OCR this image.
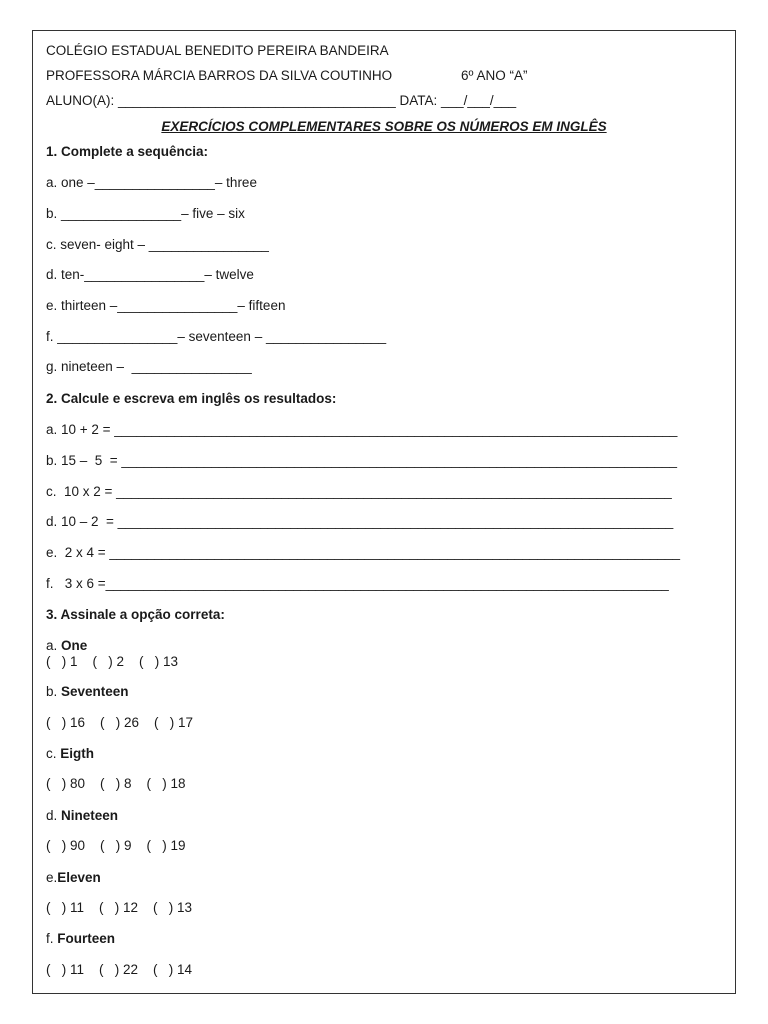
COLÉGIO ESTADUAL BENEDITO PEREIRA BANDEIRA
PROFESSORA MÁRCIA BARROS DA SILVA COUTINHO	6º ANO “A”
ALUNO(A): _____________________________________ DATA: ___/___/___
EXERCÍCIOS COMPLEMENTARES SOBRE OS NÚMEROS EM INGLÊS
1. Complete a sequência:
a. one –________________– three
b. ________________– five – six
c. seven- eight – ________________
d. ten-________________– twelve
e. thirteen –________________– fifteen
f. ________________– seventeen – ________________
g. nineteen –  ________________
2. Calcule e escreva em inglês os resultados:
a. 10 + 2 = ___________________________________________________________________________
b. 15 –  5  = __________________________________________________________________________
c.  10 x 2 = __________________________________________________________________________
d. 10 – 2  = __________________________________________________________________________
e.  2 x 4 = ____________________________________________________________________________
f.   3 x 6 =___________________________________________________________________________
3. Assinale a opção correta:
a. One
(   ) 1    (   ) 2    (   ) 13
b. Seventeen
(   ) 16    (   ) 26    (   ) 17
c. Eigth
(   ) 80    (   ) 8    (   ) 18
d. Nineteen
(   ) 90    (   ) 9    (   ) 19
e.Eleven
(   ) 11    (   ) 12    (   ) 13
f. Fourteen
(   ) 11    (   ) 22    (   ) 14
